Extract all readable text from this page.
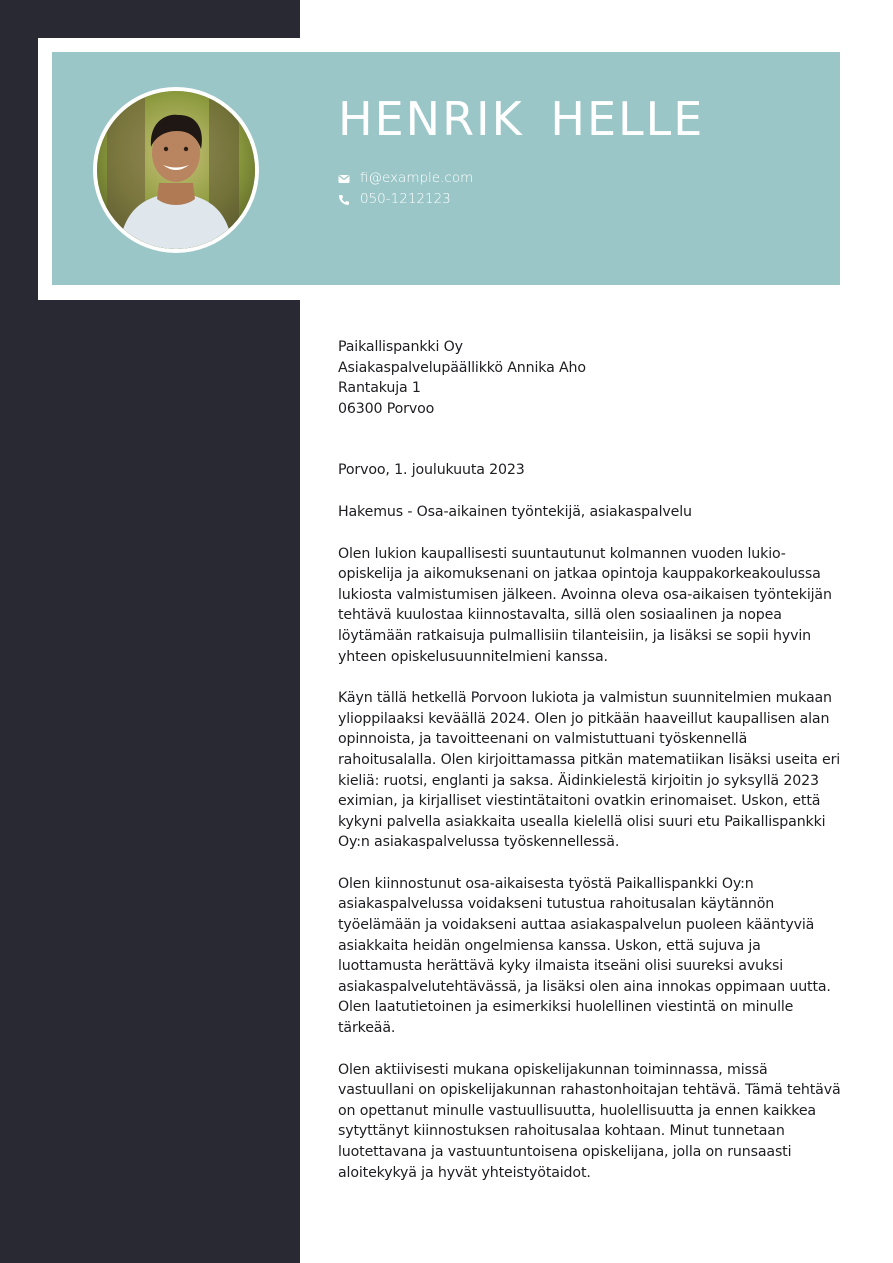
HENRIK HELLE
fi@example.com
050-1212123

Paikallispankki Oy
Asiakaspalvelupäällikkö Annika Aho
Rantakuja 1
06300 Porvoo

Porvoo, 1. joulukuuta 2023

Hakemus - Osa-aikainen työntekijä, asiakaspalvelu

Olen lukion kaupallisesti suuntautunut kolmannen vuoden lukio-opiskelija ja aikomuksenani on jatkaa opintoja kauppakorkeakoulussa lukiosta valmistumisen jälkeen. Avoinna oleva osa-aikaisen työntekijän tehtävä kuulostaa kiinnostavalta, sillä olen sosiaalinen ja nopea löytämään ratkaisuja pulmallisiin tilanteisiin, ja lisäksi se sopii hyvin yhteen opiskelusuunnitelmieni kanssa.

Käyn tällä hetkellä Porvoon lukiota ja valmistun suunnitelmien mukaan ylioppilaaksi keväällä 2024. Olen jo pitkään haaveillut kaupallisen alan opinnoista, ja tavoitteenani on valmistuttuani työskennellä rahoitusalalla. Olen kirjoittamassa pitkän matematiikan lisäksi useita eri kieliä: ruotsi, englanti ja saksa. Äidinkielestä kirjoitin jo syksyllä 2023 eximian, ja kirjalliset viestintätaitoni ovatkin erinomaiset. Uskon, että kykyni palvella asiakkaita usealla kielellä olisi suuri etu Paikallispankki Oy:n asiakaspalvelussa työskennellessä.

Olen kiinnostunut osa-aikaisesta työstä Paikallispankki Oy:n asiakaspalvelussa voidakseni tutustua rahoitusalan käytännön työelämään ja voidakseni auttaa asiakaspalvelun puoleen kääntyviä asiakkaita heidän ongelmiensa kanssa. Uskon, että sujuva ja luottamusta herättävä kyky ilmaista itseäni olisi suureksi avuksi asiakaspalvelutehtävässä, ja lisäksi olen aina innokas oppimaan uutta. Olen laatutietoinen ja esimerkiksi huolellinen viestintä on minulle tärkeää.

Olen aktiivisesti mukana opiskelijakunnan toiminnassa, missä vastuullani on opiskelijakunnan rahastonhoitajan tehtävä. Tämä tehtävä on opettanut minulle vastuullisuutta, huolellisuutta ja ennen kaikkea sytyttänyt kiinnostuksen rahoitusalaa kohtaan. Minut tunnetaan luotettavana ja vastuuntuntoisena opiskelijana, jolla on runsaasti aloitekykyä ja hyvät yhteistyötaidot.
